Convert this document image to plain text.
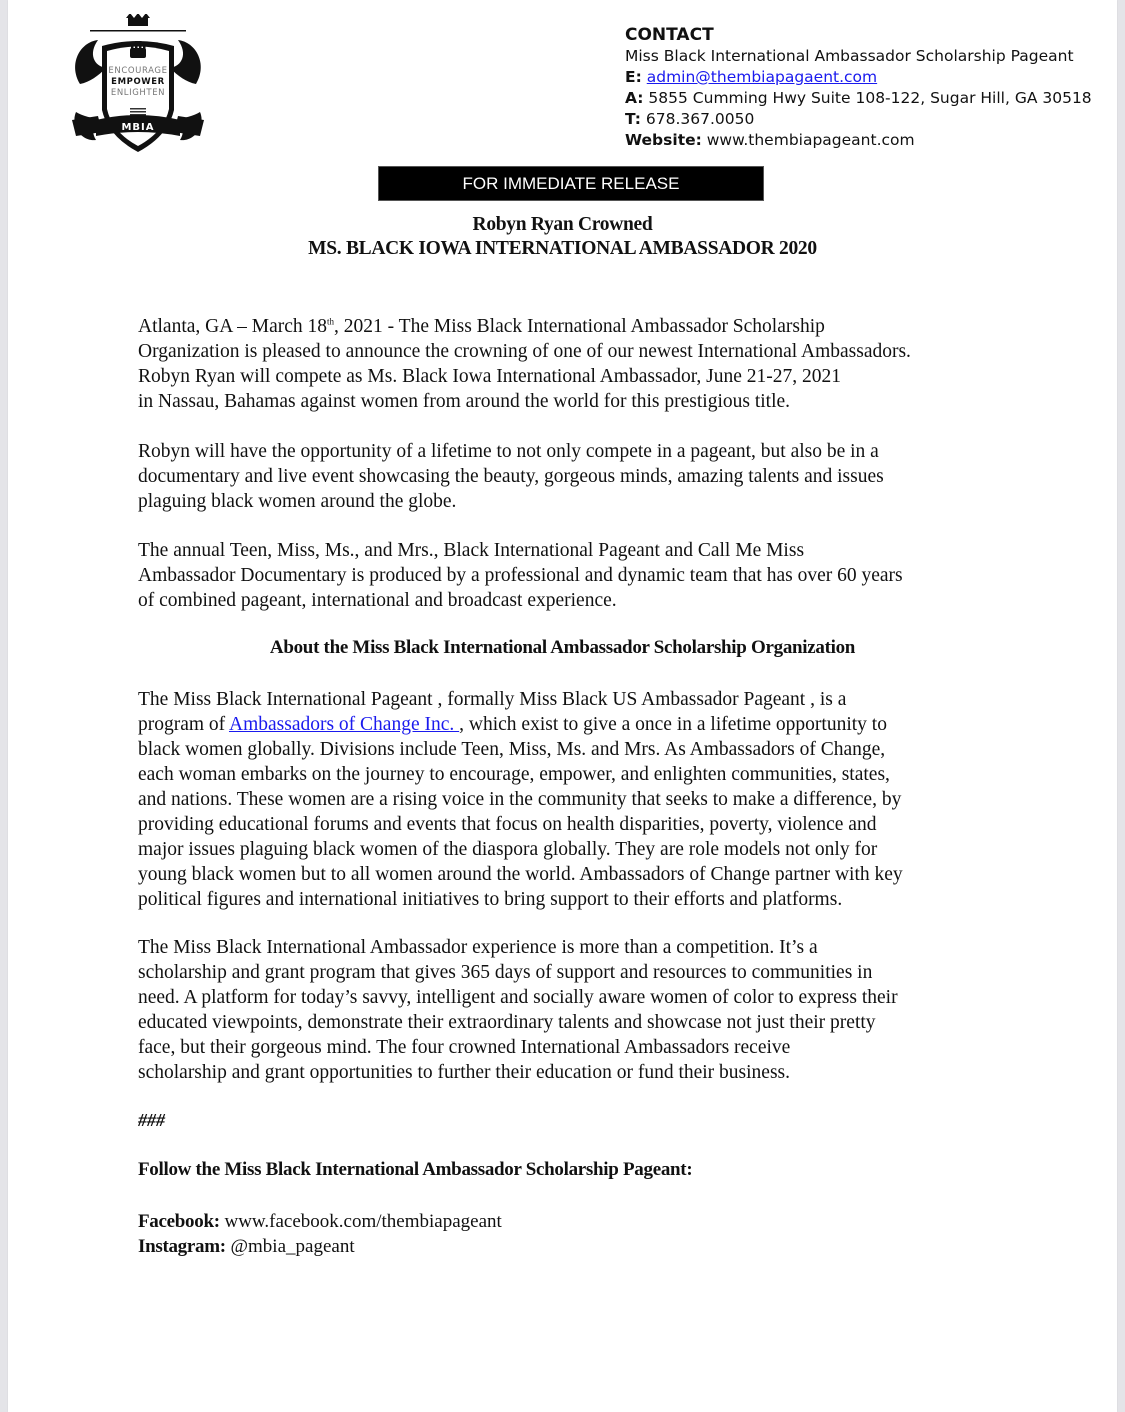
ENCOURAGE
EMPOWER
ENLIGHTEN
MBIA
CONTACT
Miss Black International Ambassador Scholarship Pageant
E: admin@thembiapagaent.com
A: 5855 Cumming Hwy Suite 108-122, Sugar Hill, GA 30518
T: 678.367.0050
Website: www.thembiapageant.com
FOR IMMEDIATE RELEASE
Robyn Ryan Crowned
MS. BLACK IOWA INTERNATIONAL AMBASSADOR 2020
Atlanta, GA – March 18th, 2021 - The Miss Black International Ambassador Scholarship
Organization is pleased to announce the crowning of one of our newest International Ambassadors.
Robyn Ryan will compete as Ms. Black Iowa International Ambassador, June 21-27, 2021
in Nassau, Bahamas against women from around the world for this prestigious title.
Robyn will have the opportunity of a lifetime to not only compete in a pageant, but also be in a
documentary and live event showcasing the beauty, gorgeous minds, amazing talents and issues
plaguing black women around the globe.
The annual Teen, Miss, Ms., and Mrs., Black International Pageant and Call Me Miss
Ambassador Documentary is produced by a professional and dynamic team that has over 60 years
of combined pageant, international and broadcast experience.
About the Miss Black International Ambassador Scholarship Organization
The Miss Black International Pageant , formally Miss Black US Ambassador Pageant , is a
program of Ambassadors of Change Inc. , which exist to give a once in a lifetime opportunity to
black women globally. Divisions include Teen, Miss, Ms. and Mrs. As Ambassadors of Change,
each woman embarks on the journey to encourage, empower, and enlighten communities, states,
and nations. These women are a rising voice in the community that seeks to make a difference, by
providing educational forums and events that focus on health disparities, poverty, violence and
major issues plaguing black women of the diaspora globally. They are role models not only for
young black women but to all women around the world. Ambassadors of Change partner with key
political figures and international initiatives to bring support to their efforts and platforms.
The Miss Black International Ambassador experience is more than a competition. It’s a
scholarship and grant program that gives 365 days of support and resources to communities in
need. A platform for today’s savvy, intelligent and socially aware women of color to express their
educated viewpoints, demonstrate their extraordinary talents and showcase not just their pretty
face, but their gorgeous mind. The four crowned International Ambassadors receive
scholarship and grant opportunities to further their education or fund their business.
###
Follow the Miss Black International Ambassador Scholarship Pageant:
Facebook: www.facebook.com/thembiapageant
Instagram: @mbia_pageant
